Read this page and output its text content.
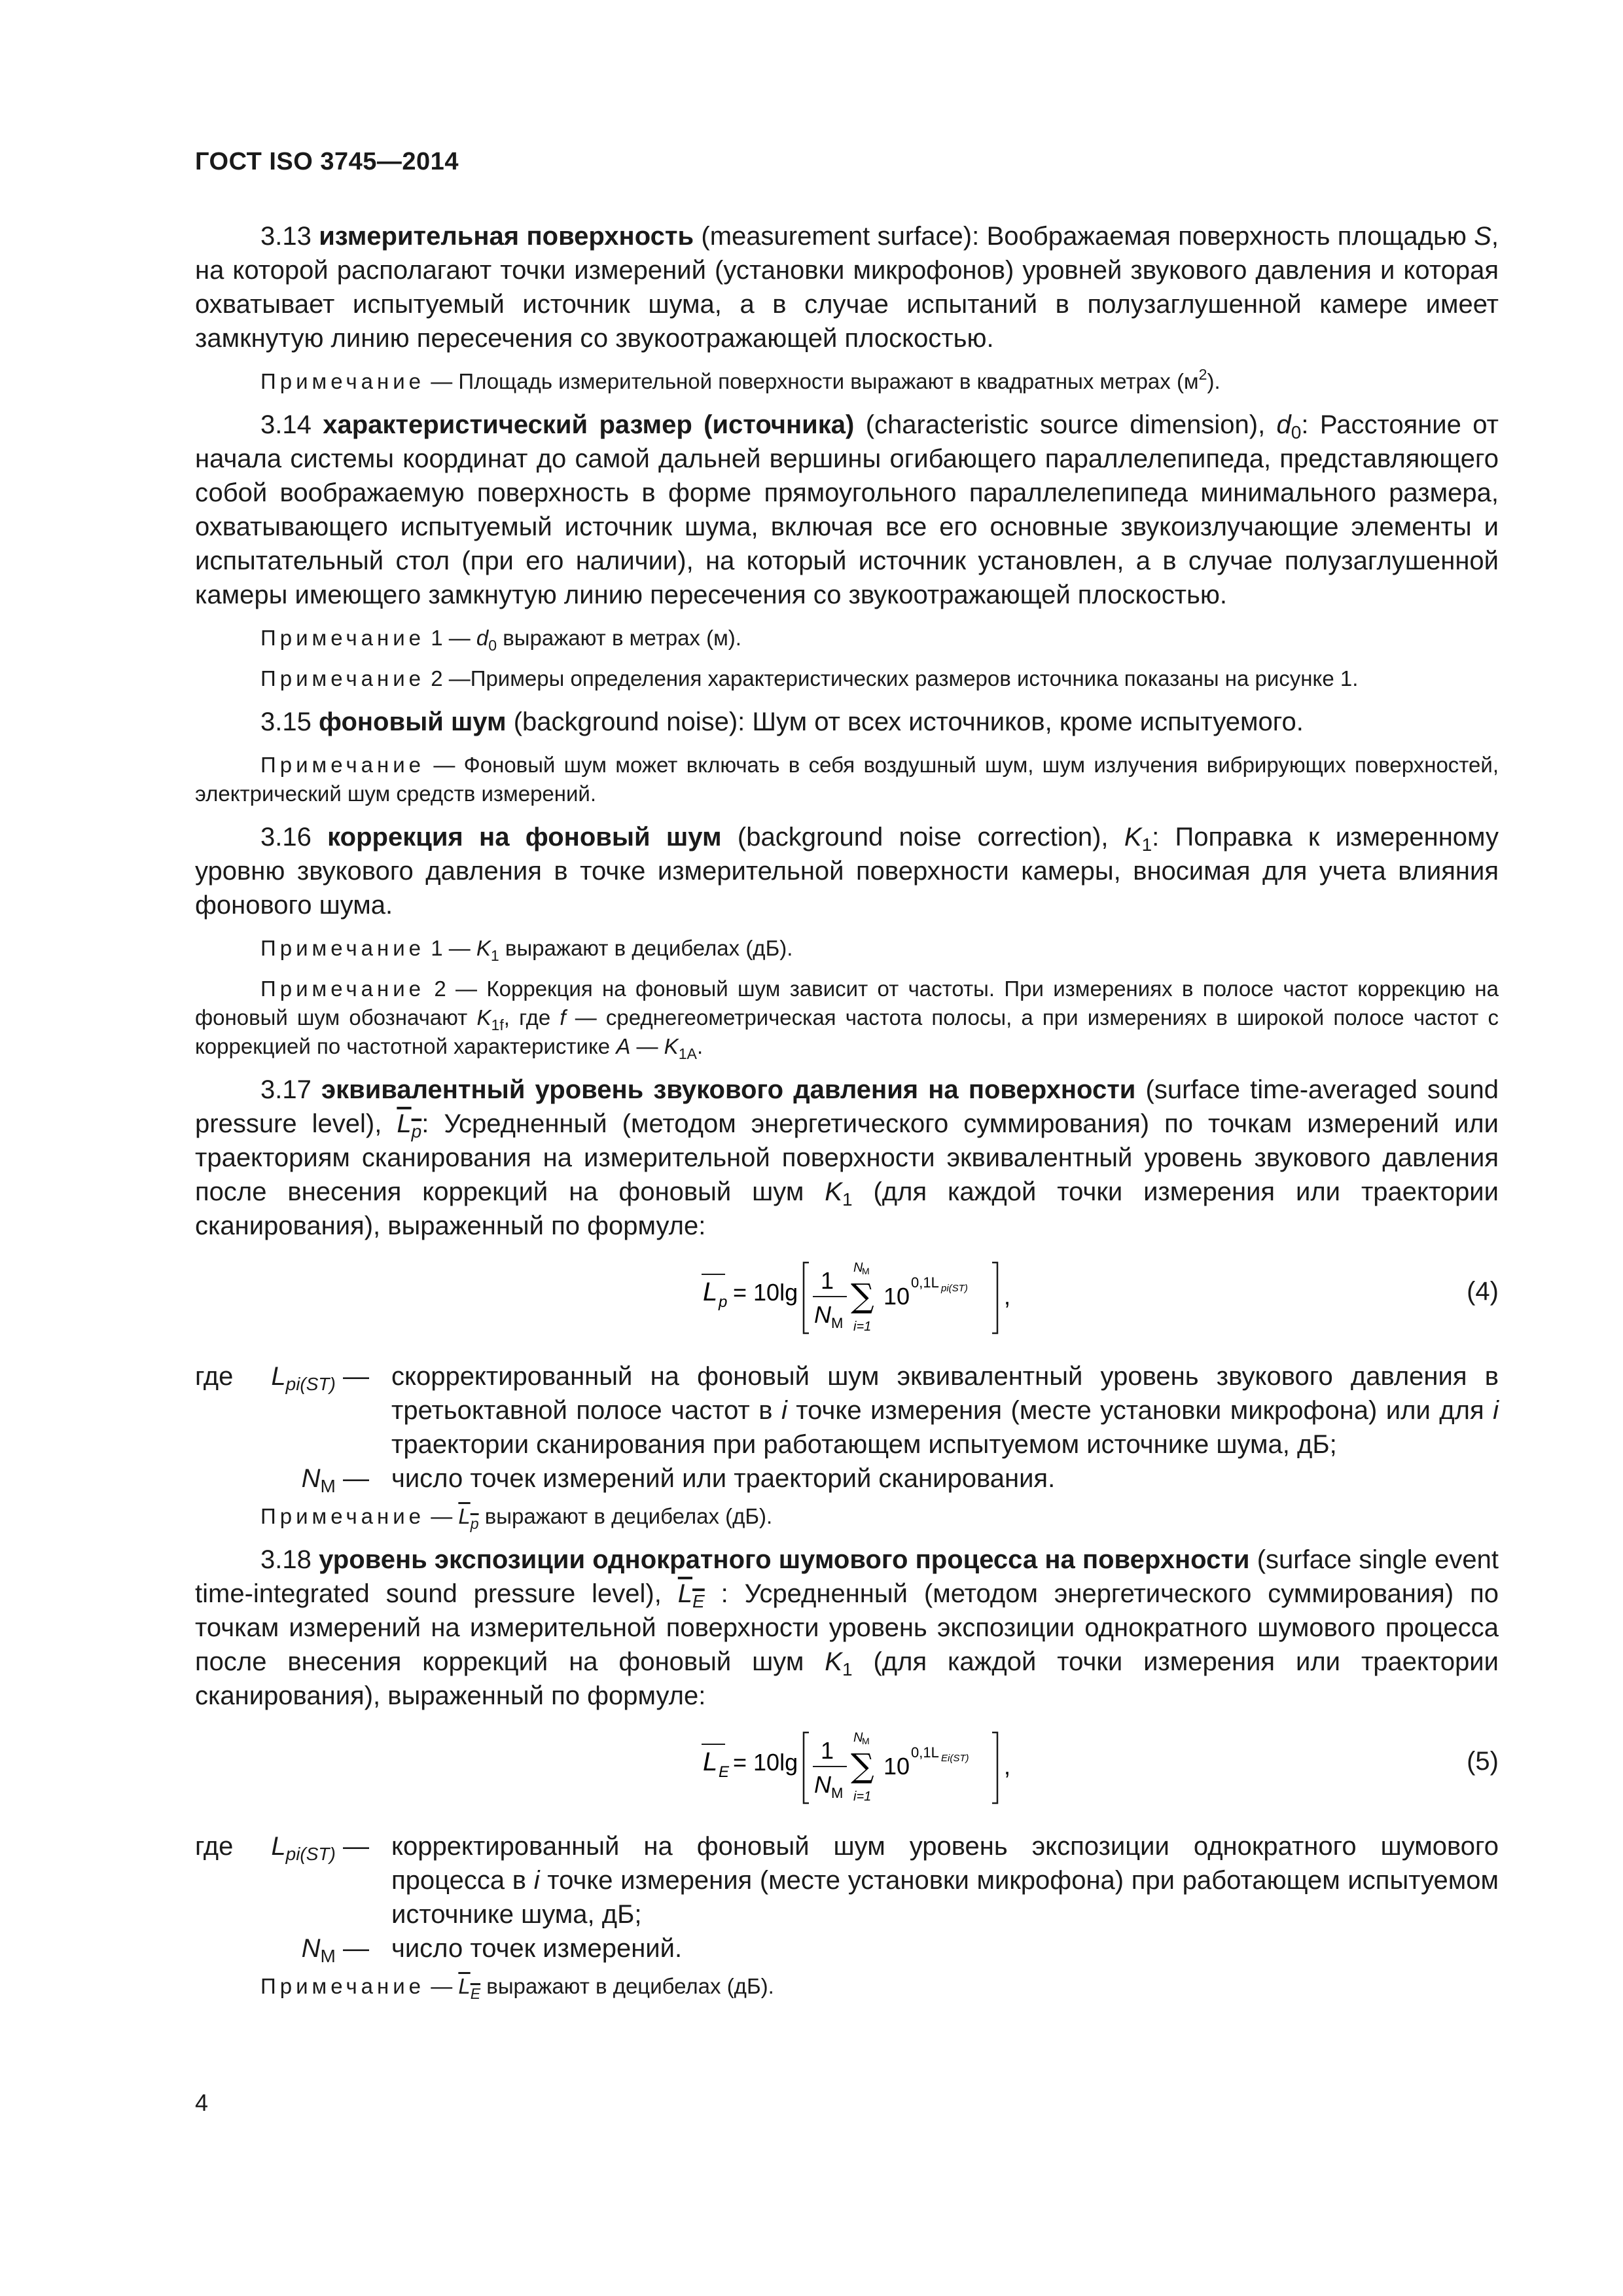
ГОСТ ISO 3745—2014

3.13 измерительная поверхность (measurement surface): Воображаемая поверхность площадью S, на которой располагают точки измерений (установки микрофонов) уровней звукового давления и которая охватывает испытуемый источник шума, а в случае испытаний в полузаглушенной камере имеет замкнутую линию пересечения со звукоотражающей плоскостью.

Примечание — Площадь измерительной поверхности выражают в квадратных метрах $(м^2)$.

3.14 характеристический размер (источника) (characteristic source dimension), $d_0$: Расстояние от начала системы координат до самой дальней вершины огибающего параллелепипеда, представляющего собой воображаемую поверхность в форме прямоугольного параллелепипеда минимального размера, охватывающего испытуемый источник шума, включая все его основные звукоизлучающие элементы и испытательный стол (при его наличии), на который источник установлен, а в случае полузаглушенной камеры имеющего замкнутую линию пересечения со звукоотражающей плоскостью.

Примечание 1 — $d_0$ выражают в метрах (м).

Примечание 2 —Примеры определения характеристических размеров источника показаны на рисунке 1.

3.15 фоновый шум (background noise): Шум от всех источников, кроме испытуемого.

Примечание — Фоновый шум может включать в себя воздушный шум, шум излучения вибрирующих поверхностей, электрический шум средств измерений.

3.16 коррекция на фоновый шум (background noise correction), $K_1$: Поправка к измеренному уровню звукового давления в точке измерительной поверхности камеры, вносимая для учета влияния фонового шума.

Примечание 1 — $K_1$ выражают в децибелах (дБ).

Примечание 2 — Коррекция на фоновый шум зависит от частоты. При измерениях в полосе частот коррекцию на фоновый шум обозначают $K_{1f}$, где f — среднегеометрическая частота полосы, а при измерениях в широкой полосе частот с коррекцией по частотной характеристике A — $K_{1A}$.

3.17 эквивалентный уровень звукового давления на поверхности (surface time-averaged sound pressure level), $L_p$: Усредненный (методом энергетического суммирования) по точкам измерений или траекториям сканирования на измерительной поверхности эквивалентный уровень звукового давления после внесения коррекций на фоновый шум $K_1$ (для каждой точки измерения или траектории сканирования), выраженный по формуле:

L p = 10lg 1
N М
N
М
∑
i=1
10
0,1L pi(ST) ,	(4)
где	$L_{pi(ST)}$ — скорректированный на фоновый шум эквивалентный уровень звукового давления в третьоктавной полосе частот в i точке измерения (месте установки микрофона) или для i траектории сканирования при работающем испытуемом источнике шума, дБ;
$N_М$ — число точек измерений или траекторий сканирования.

Примечание — $L_p$ выражают в децибелах (дБ).

3.18 уровень экспозиции однократного шумового процесса на поверхности (surface single event time-integrated sound pressure level), $L_E$ : Усредненный (методом энергетического суммирования) по точкам измерений на измерительной поверхности уровень экспозиции однократного шумового процесса после внесения коррекций на фоновый шум $K_1$ (для каждой точки измерения или траектории сканирования), выраженный по формуле:

L E = 10lg 1
N М
N
М
∑
i=1
10
0,1L Ei(ST) ,	(5)
где	$L_{pi(ST)}$ — корректированный на фоновый шум уровень экспозиции однократного шумового процесса в i точке измерения (месте установки микрофона) при работающем испытуемом источнике шума, дБ;
$N_М$ — число точек измерений.

Примечание — $L_E$ выражают в децибелах (дБ).

4
